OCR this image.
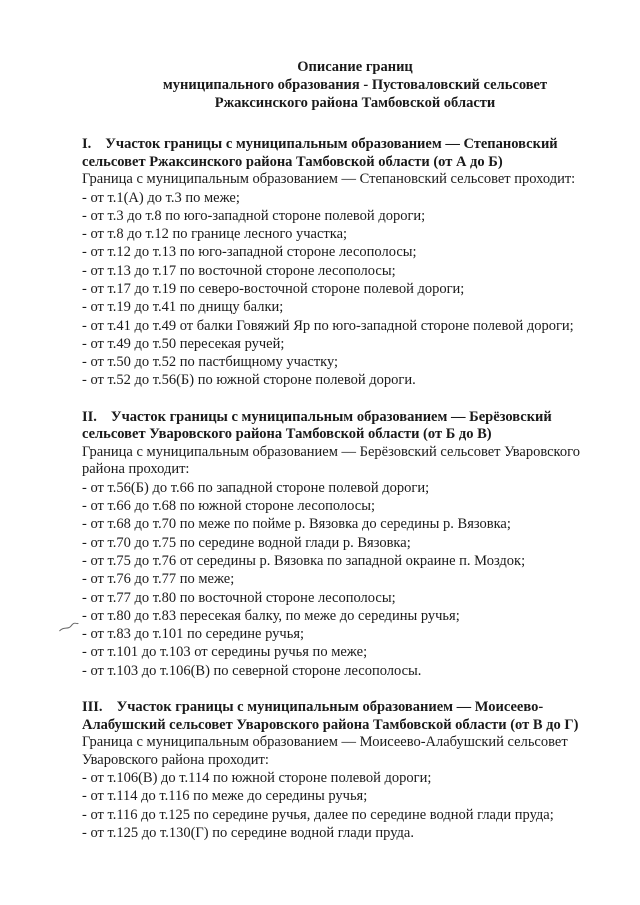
Описание границ
муниципального образования - Пустоваловский сельсовет
Ржаксинского района Тамбовской области

I. Участок границы с муниципальным образованием — Степановский сельсовет Ржаксинского района Тамбовской области (от А до Б)

Граница с муниципальным образованием — Степановский сельсовет проходит:

- от т.1(А) до т.3 по меже;
- от т.3 до т.8 по юго-западной стороне полевой дороги;
- от т.8 до т.12 по границе лесного участка;
- от т.12 до т.13 по юго-западной стороне лесополосы;
- от т.13 до т.17 по восточной стороне лесополосы;
- от т.17 до т.19 по северо-восточной стороне полевой дороги;
- от т.19 до т.41 по днищу балки;
- от т.41 до т.49 от балки Говяжий Яр по юго-западной стороне полевой дороги;
- от т.49 до т.50 пересекая ручей;
- от т.50 до т.52 по пастбищному участку;
- от т.52 до т.56(Б) по южной стороне полевой дороги.

II. Участок границы с муниципальным образованием — Берёзовский сельсовет Уваровского района Тамбовской области (от Б до В)

Граница с муниципальным образованием — Берёзовский сельсовет Уваровского района проходит:

- от т.56(Б) до т.66 по западной стороне полевой дороги;
- от т.66 до т.68 по южной стороне лесополосы;
- от т.68 до т.70 по меже по пойме р. Вязовка до середины р. Вязовка;
- от т.70 до т.75 по середине водной глади р. Вязовка;
- от т.75 до т.76 от середины р. Вязовка по западной окраине п. Моздок;
- от т.76 до т.77 по меже;
- от т.77 до т.80 по восточной стороне лесополосы;
- от т.80 до т.83 пересекая балку, по меже до середины ручья;
- от т.83 до т.101 по середине ручья;
- от т.101 до т.103 от середины ручья по меже;
- от т.103 до т.106(В) по северной стороне лесополосы.

III. Участок границы с муниципальным образованием — Моисеево-Алабушский сельсовет Уваровского района Тамбовской области (от В до Г)

Граница с муниципальным образованием — Моисеево-Алабушский сельсовет Уваровского района проходит:

- от т.106(В) до т.114 по южной стороне полевой дороги;
- от т.114 до т.116 по меже до середины ручья;
- от т.116 до т.125 по середине ручья, далее по середине водной глади пруда;
- от т.125 до т.130(Г) по середине водной глади пруда.
